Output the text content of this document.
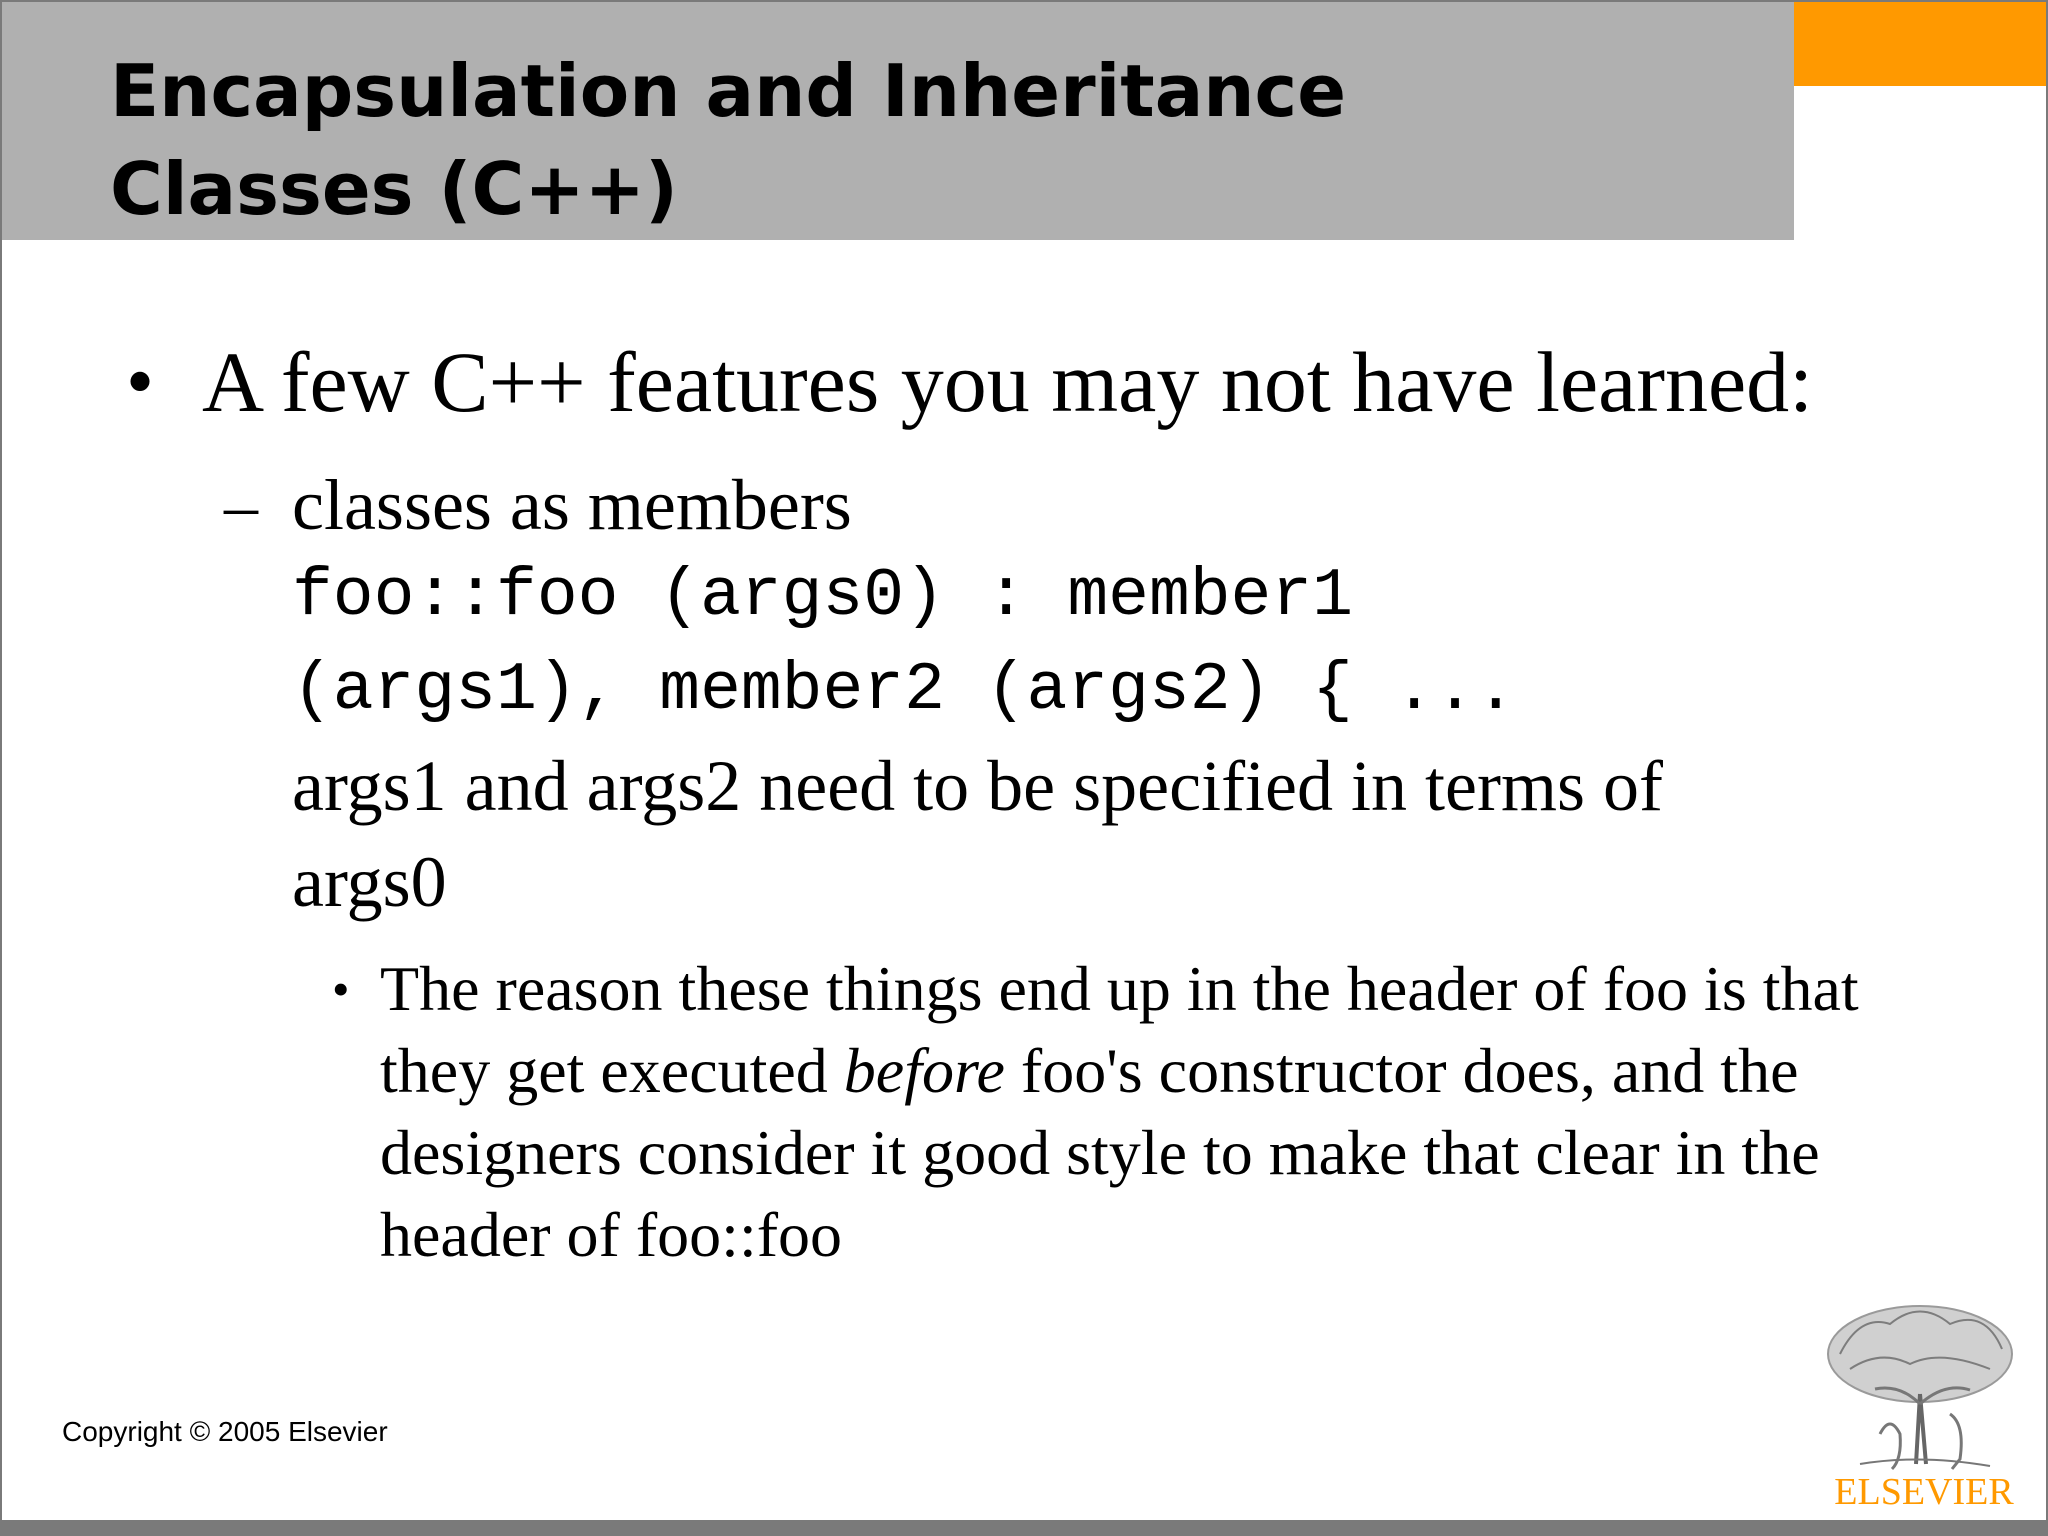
Encapsulation and Inheritance
Classes (C++)
• A few C++ features you may not have learned:
– classes as members
foo::foo (args0) : member1
(args1), member2 (args2) { ...
args1 and args2 need to be specified in terms of
args0
• The reason these things end up in the header of foo is that
they get executed before foo's constructor does, and the
designers consider it good style to make that clear in the
header of foo::foo
Copyright © 2005 Elsevier
ELSEVIER
